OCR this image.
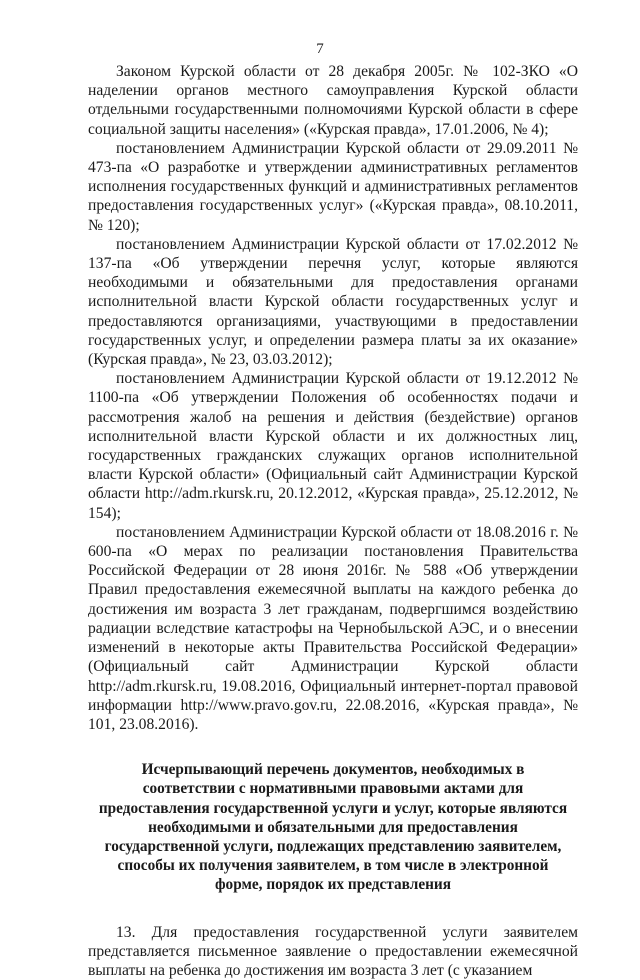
7

Законом Курской области от 28 декабря 2005г. № 102-ЗКО «О наделении органов местного самоуправления Курской области отдельными государственными полномочиями Курской области в сфере социальной защиты населения» («Курская правда», 17.01.2006, № 4);

постановлением Администрации Курской области от 29.09.2011 № 473-па «О разработке и утверждении административных регламентов исполнения государственных функций и административных регламентов предоставления государственных услуг» («Курская правда», 08.10.2011, № 120);

постановлением Администрации Курской области от 17.02.2012 № 137-па «Об утверждении перечня услуг, которые являются необходимыми и обязательными для предоставления органами исполнительной власти Курской области государственных услуг и предоставляются организациями, участвующими в предоставлении государственных услуг, и определении размера платы за их оказание» (Курская правда», № 23, 03.03.2012);

постановлением Администрации Курской области от 19.12.2012 № 1100-па «Об утверждении Положения об особенностях подачи и рассмотрения жалоб на решения и действия (бездействие) органов исполнительной власти Курской области и их должностных лиц, государственных гражданских служащих органов исполнительной власти Курской области» (Официальный сайт Администрации Курской области http://adm.rkursk.ru, 20.12.2012, «Курская правда», 25.12.2012, № 154);

постановлением Администрации Курской области от 18.08.2016 г. № 600-па «О мерах по реализации постановления Правительства Российской Федерации от 28 июня 2016г. № 588 «Об утверждении Правил предоставления ежемесячной выплаты на каждого ребенка до достижения им возраста 3 лет гражданам, подвергшимся воздействию радиации вследствие катастрофы на Чернобыльской АЭС, и о внесении изменений в некоторые акты Правительства Российской Федерации» (Официальный сайт Администрации Курской области http://adm.rkursk.ru, 19.08.2016, Официальный интернет-портал правовой информации http://www.pravo.gov.ru, 22.08.2016, «Курская правда», № 101, 23.08.2016).

Исчерпывающий перечень документов, необходимых в соответствии с нормативными правовыми актами для предоставления государственной услуги и услуг, которые являются необходимыми и обязательными для предоставления государственной услуги, подлежащих представлению заявителем, способы их получения заявителем, в том числе в электронной форме, порядок их представления

13. Для предоставления государственной услуги заявителем представляется письменное заявление о предоставлении ежемесячной выплаты на ребенка до достижения им возраста 3 лет (с указанием
